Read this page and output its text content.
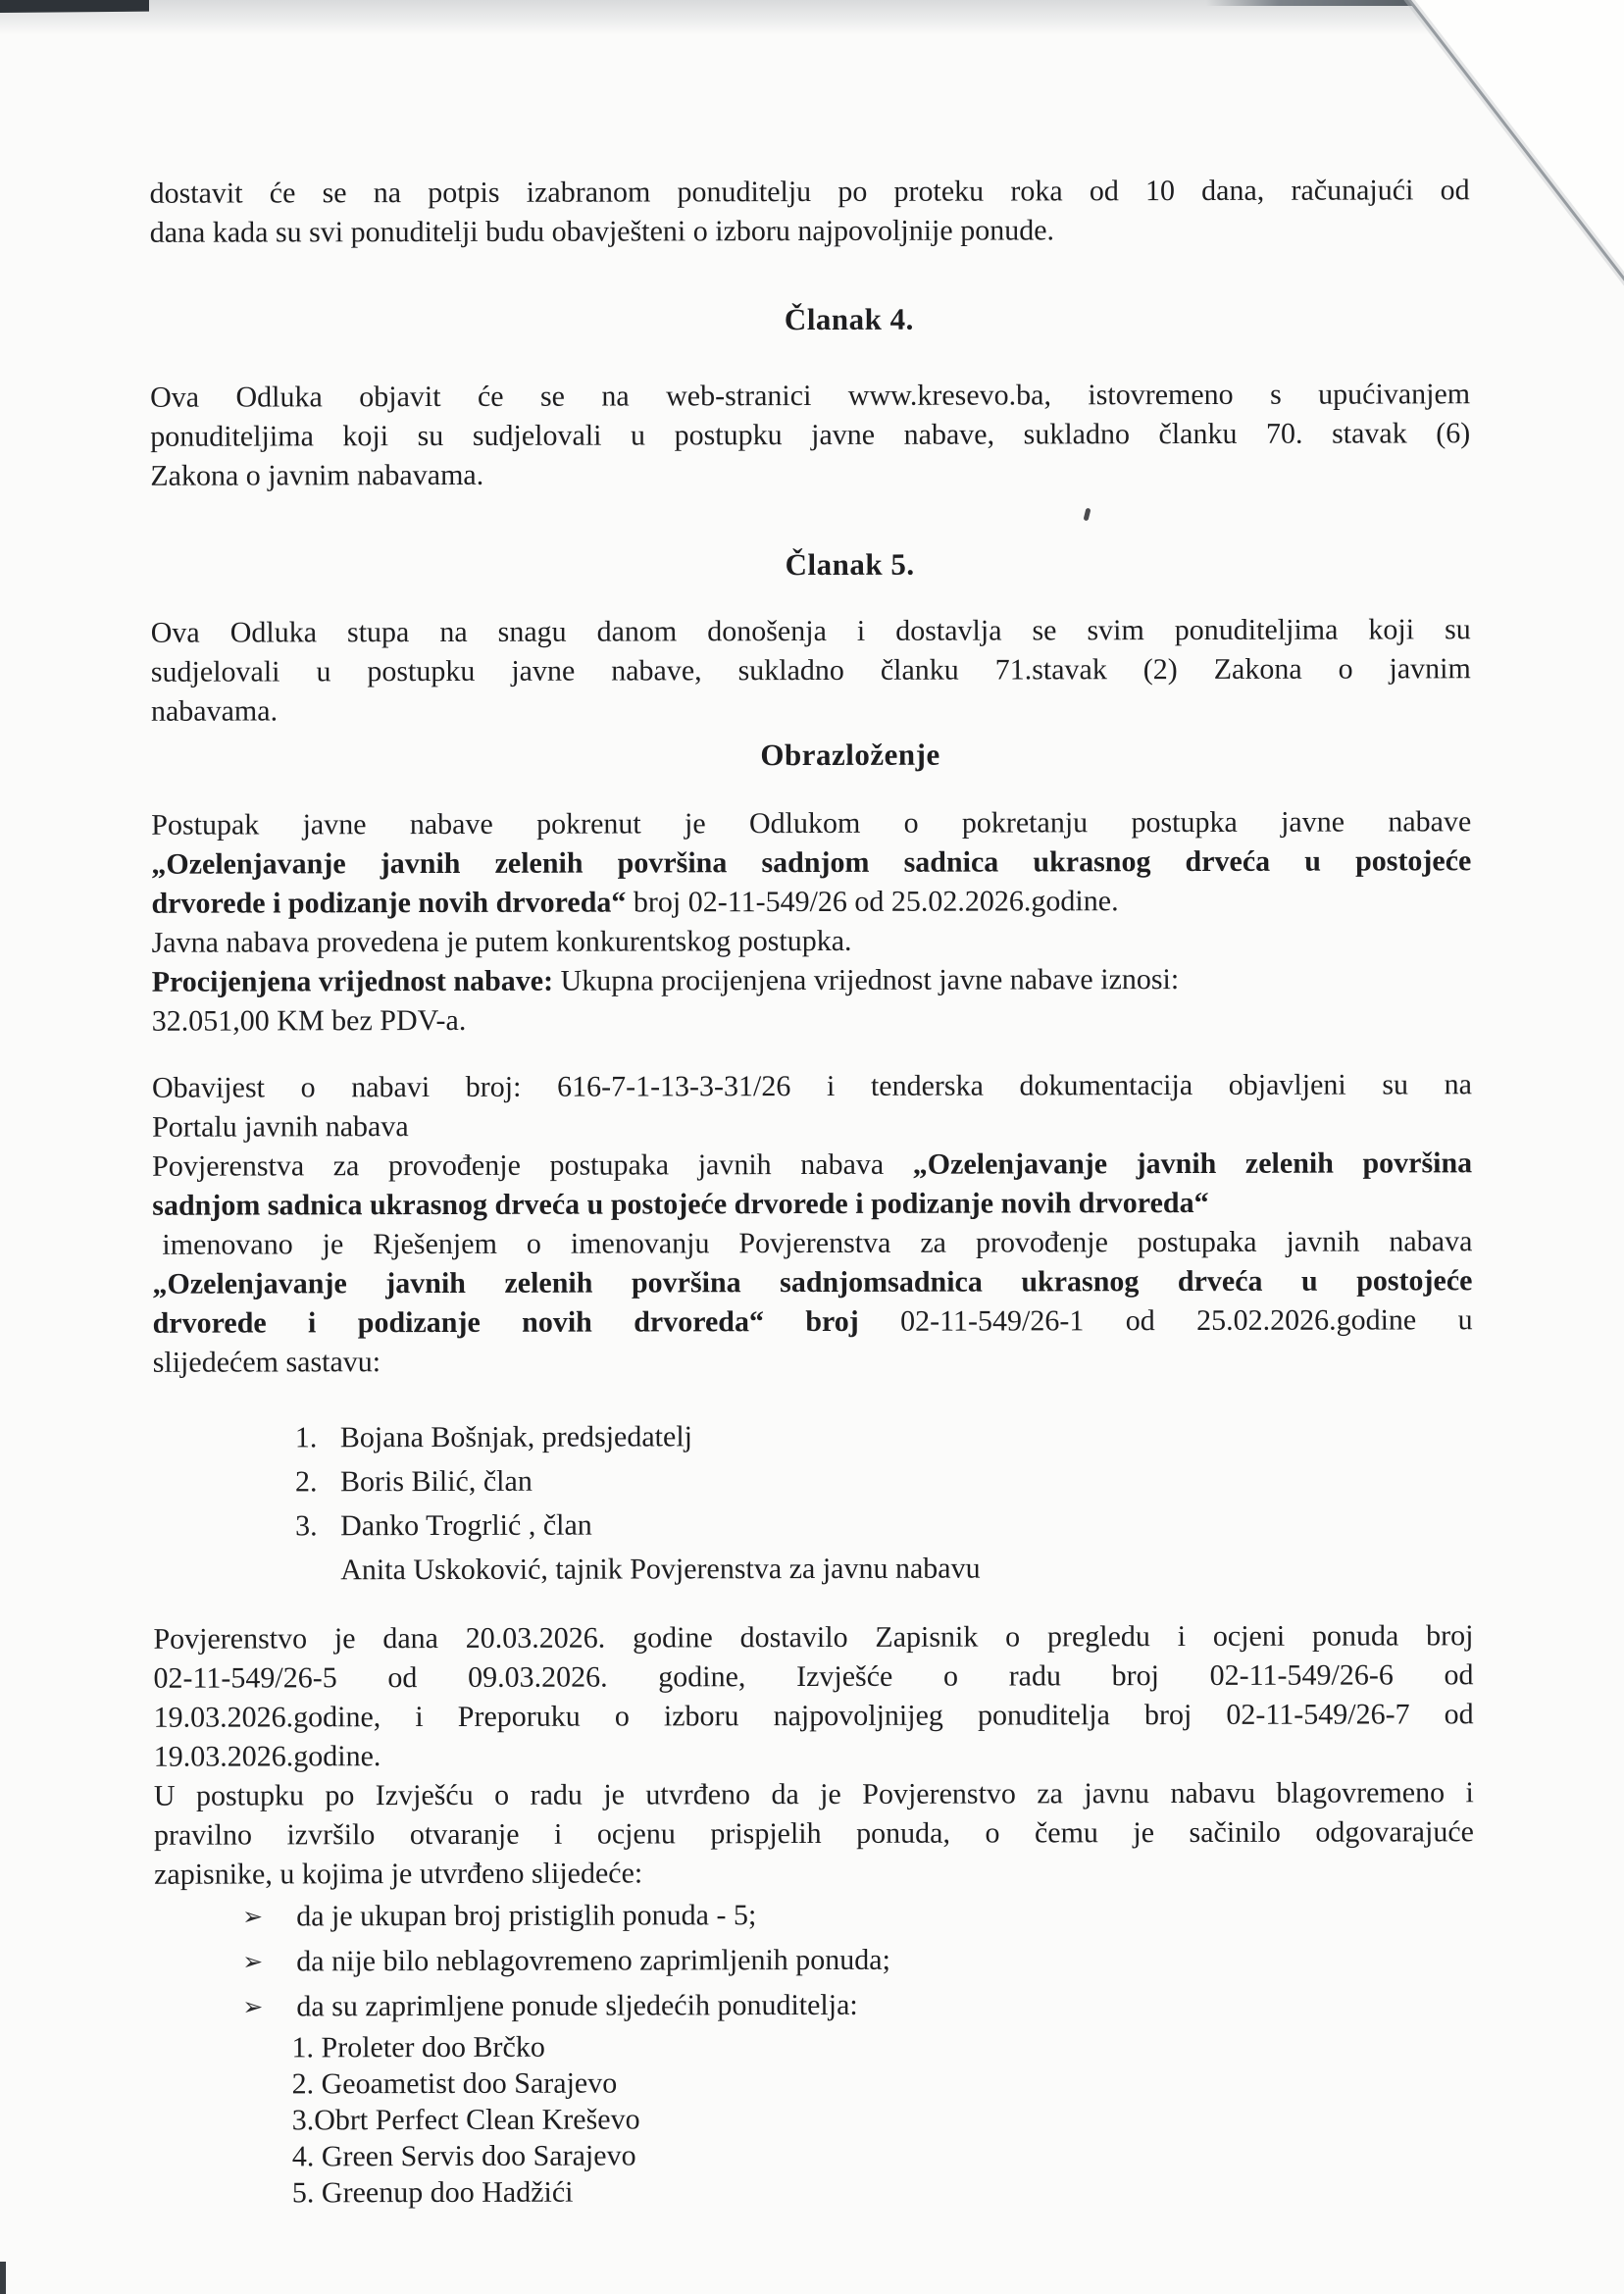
dostavit će se na potpis izabranom ponuditelju po proteku roka od 10 dana, računajući od

dana kada su svi ponuditelji budu obavješteni o izboru najpovoljnije ponude.

Članak 4.

Ova Odluka objavit će se na web-stranici www.kresevo.ba, istovremeno s upućivanjem

ponuditeljima koji su sudjelovali u postupku javne nabave, sukladno članku 70. stavak (6)

Zakona o javnim nabavama.

Članak 5.

Ova Odluka stupa na snagu danom donošenja i dostavlja se svim ponuditeljima koji su

sudjelovali u postupku javne nabave, sukladno članku 71.stavak (2) Zakona o javnim

nabavama.

Obrazloženje

Postupak javne nabave pokrenut je Odlukom o pokretanju postupka javne nabave

„Ozelenjavanje javnih zelenih površina sadnjom sadnica ukrasnog drveća u postojeće

drvorede i podizanje novih drvoreda“ broj 02-11-549/26 od 25.02.2026.godine.

Javna nabava provedena je putem konkurentskog postupka.

Procijenjena vrijednost nabave: Ukupna procijenjena vrijednost javne nabave iznosi:

32.051,00 KM bez PDV-a.

Obavijest o nabavi broj: 616-7-1-13-3-31/26 i tenderska dokumentacija objavljeni su na

Portalu javnih nabava

Povjerenstva za provođenje postupaka javnih nabava „Ozelenjavanje javnih zelenih površina

sadnjom sadnica ukrasnog drveća u postojeće drvorede i podizanje novih drvoreda“

imenovano je Rješenjem o imenovanju Povjerenstva za provođenje postupaka javnih nabava

„Ozelenjavanje javnih zelenih površina sadnjomsadnica ukrasnog drveća u postojeće

drvorede i podizanje novih drvoreda“ broj 02-11-549/26-1 od 25.02.2026.godine u

slijedećem sastavu:

1. Bojana Bošnjak, predsjedatelj
2. Boris Bilić, član
3. Danko Trogrlić , član
Anita Uskoković, tajnik Povjerenstva za javnu nabavu

Povjerenstvo je dana 20.03.2026. godine dostavilo Zapisnik o pregledu i ocjeni ponuda broj

02-11-549/26-5 od 09.03.2026. godine, Izvješće o radu broj 02-11-549/26-6 od

19.03.2026.godine, i Preporuku o izboru najpovoljnijeg ponuditelja broj 02-11-549/26-7 od

19.03.2026.godine.

U postupku po Izvješću o radu je utvrđeno da je Povjerenstvo za javnu nabavu blagovremeno i

pravilno izvršilo otvaranje i ocjenu prispjelih ponuda, o čemu je sačinilo odgovarajuće

zapisnike, u kojima je utvrđeno slijedeće:

➢	da je ukupan broj pristiglih ponuda - 5;
➢	da nije bilo neblagovremeno zaprimljenih ponuda;
➢	da su zaprimljene ponude sljedećih ponuditelja:
1. Proleter doo Brčko
2. Geoametist doo Sarajevo
3.Obrt Perfect Clean Kreševo
4. Green Servis doo Sarajevo
5. Greenup doo Hadžići
